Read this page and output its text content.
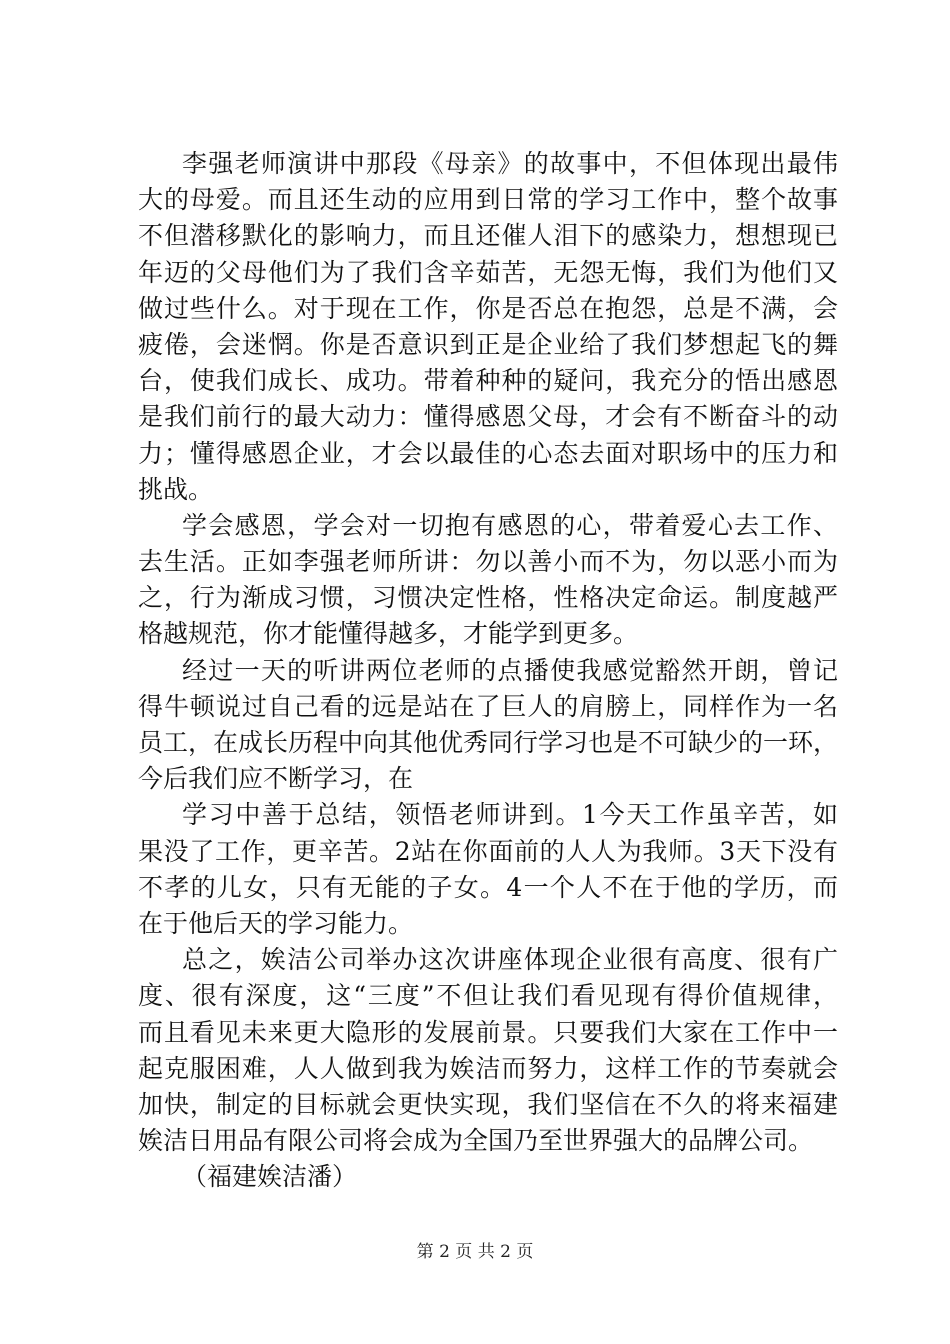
李强老师演讲中那段《母亲》的故事中，不但体现出最伟
大的母爱。而且还生动的应用到日常的学习工作中，整个故事
不但潜移默化的影响力，而且还催人泪下的感染力，想想现已
年迈的父母他们为了我们含辛茹苦，无怨无悔，我们为他们又
做过些什么。对于现在工作，你是否总在抱怨，总是不满，会
疲倦，会迷惘。你是否意识到正是企业给了我们梦想起飞的舞
台，使我们成长、成功。带着种种的疑问，我充分的悟出感恩
是我们前行的最大动力：懂得感恩父母，才会有不断奋斗的动
力；懂得感恩企业，才会以最佳的心态去面对职场中的压力和
挑战。
学会感恩，学会对一切抱有感恩的心，带着爱心去工作、
去生活。正如李强老师所讲：勿以善小而不为，勿以恶小而为
之，行为渐成习惯，习惯决定性格，性格决定命运。制度越严
格越规范，你才能懂得越多，才能学到更多。
经过一天的听讲两位老师的点播使我感觉豁然开朗，曾记
得牛顿说过自己看的远是站在了巨人的肩膀上，同样作为一名
员工，在成长历程中向其他优秀同行学习也是不可缺少的一环，
今后我们应不断学习，在
学习中善于总结，领悟老师讲到。1今天工作虽辛苦，如
果没了工作，更辛苦。2站在你面前的人人为我师。3天下没有
不孝的儿女，只有无能的子女。4一个人不在于他的学历，而
在于他后天的学习能力。
总之，娭洁公司举办这次讲座体现企业很有高度、很有广
度、很有深度，这“三度”不但让我们看见现有得价值规律，
而且看见未来更大隐形的发展前景。只要我们大家在工作中一
起克服困难，人人做到我为娭洁而努力，这样工作的节奏就会
加快，制定的目标就会更快实现，我们坚信在不久的将来福建
娭洁日用品有限公司将会成为全国乃至世界强大的品牌公司。
（福建娭洁潘）
第 2 页 共 2 页
